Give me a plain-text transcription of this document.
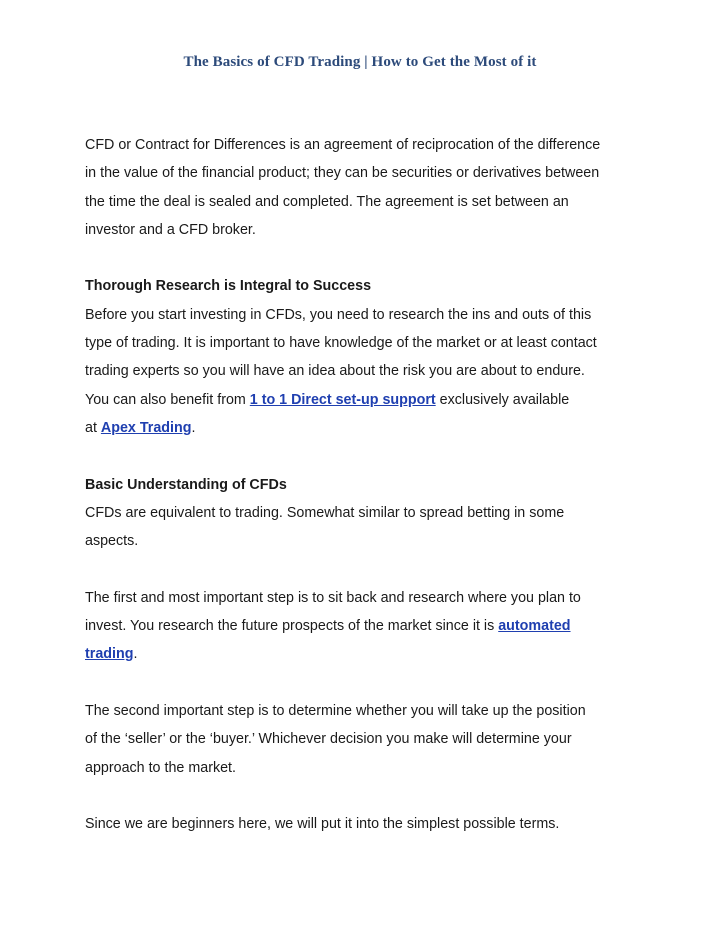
The Basics of CFD Trading | How to Get the Most of it

CFD or Contract for Differences is an agreement of reciprocation of the difference

in the value of the financial product; they can be securities or derivatives between

the time the deal is sealed and completed. The agreement is set between an

investor and a CFD broker.

Thorough Research is Integral to Success

Before you start investing in CFDs, you need to research the ins and outs of this

type of trading. It is important to have knowledge of the market or at least contact

trading experts so you will have an idea about the risk you are about to endure.

You can also benefit from 1 to 1 Direct set-up support exclusively available

at Apex Trading.

Basic Understanding of CFDs

CFDs are equivalent to trading. Somewhat similar to spread betting in some

aspects.

The first and most important step is to sit back and research where you plan to

invest. You research the future prospects of the market since it is automated

trading.

The second important step is to determine whether you will take up the position

of the ‘seller’ or the ‘buyer.’ Whichever decision you make will determine your

approach to the market.

Since we are beginners here, we will put it into the simplest possible terms.
